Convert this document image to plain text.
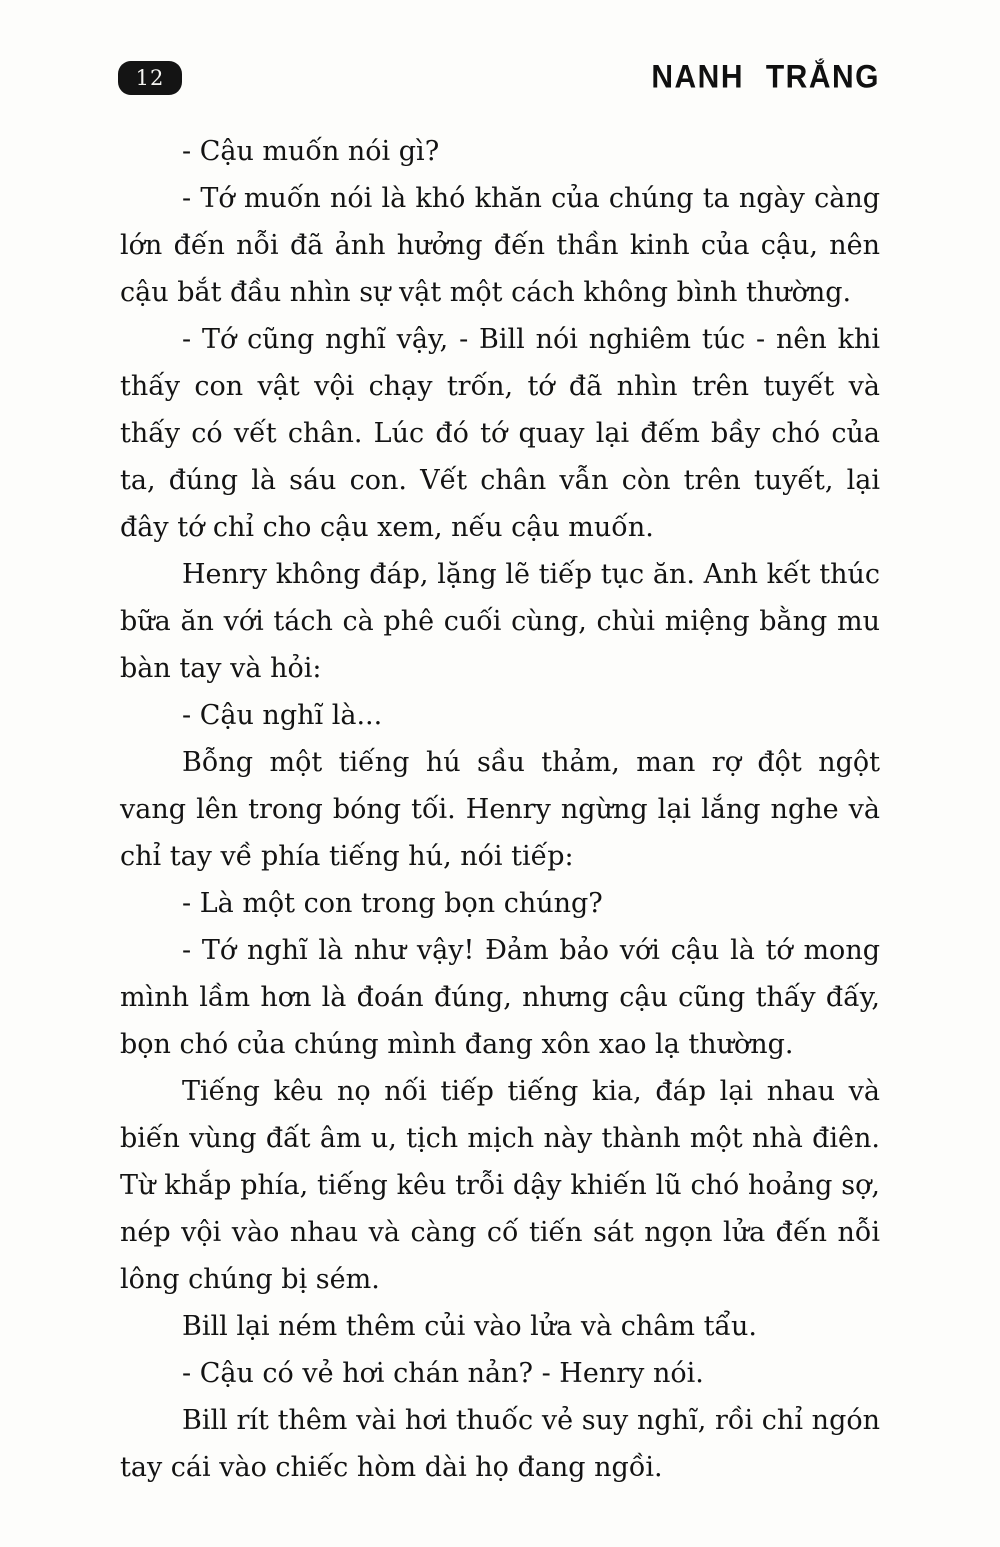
12	NANH TRẮNG

- Cậu muốn nói gì?

- Tớ muốn nói là khó khăn của chúng ta ngày càng lớn đến nỗi đã ảnh hưởng đến thần kinh của cậu, nên cậu bắt đầu nhìn sự vật một cách không bình thường.

- Tớ cũng nghĩ vậy, - Bill nói nghiêm túc - nên khi thấy con vật vội chạy trốn, tớ đã nhìn trên tuyết và thấy có vết chân. Lúc đó tớ quay lại đếm bầy chó của ta, đúng là sáu con. Vết chân vẫn còn trên tuyết, lại đây tớ chỉ cho cậu xem, nếu cậu muốn.

Henry không đáp, lặng lẽ tiếp tục ăn. Anh kết thúc bữa ăn với tách cà phê cuối cùng, chùi miệng bằng mu bàn tay và hỏi:

- Cậu nghĩ là...

Bỗng một tiếng hú sầu thảm, man rợ đột ngột vang lên trong bóng tối. Henry ngừng lại lắng nghe và chỉ tay về phía tiếng hú, nói tiếp:

- Là một con trong bọn chúng?

- Tớ nghĩ là như vậy! Đảm bảo với cậu là tớ mong mình lầm hơn là đoán đúng, nhưng cậu cũng thấy đấy, bọn chó của chúng mình đang xôn xao lạ thường.

Tiếng kêu nọ nối tiếp tiếng kia, đáp lại nhau và biến vùng đất âm u, tịch mịch này thành một nhà điên. Từ khắp phía, tiếng kêu trỗi dậy khiến lũ chó hoảng sợ, nép vội vào nhau và càng cố tiến sát ngọn lửa đến nỗi lông chúng bị sém.

Bill lại ném thêm củi vào lửa và châm tẩu.

- Cậu có vẻ hơi chán nản? - Henry nói.

Bill rít thêm vài hơi thuốc vẻ suy nghĩ, rồi chỉ ngón tay cái vào chiếc hòm dài họ đang ngồi.
